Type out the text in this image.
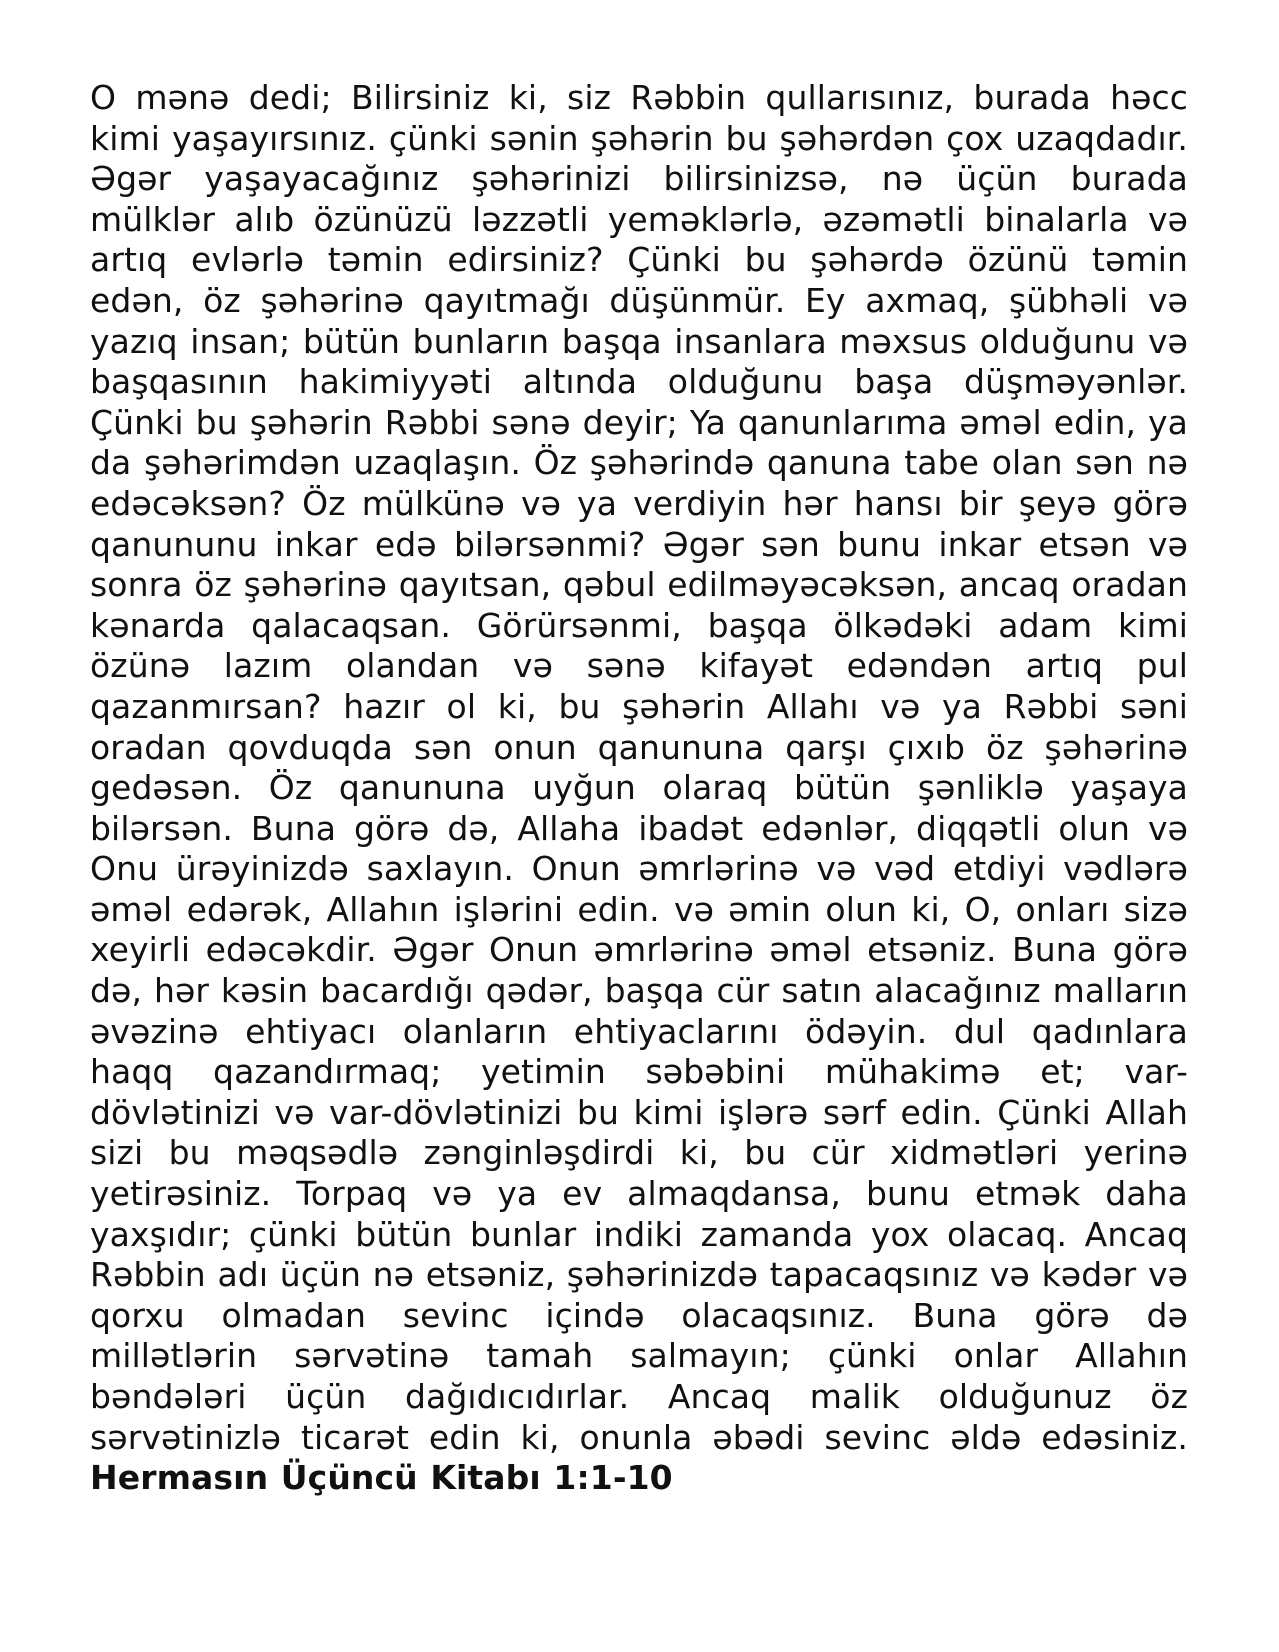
O mənə dedi; Bilirsiniz ki, siz Rəbbin qullarısınız, burada həcc kimi yaşayırsınız. çünki sənin şəhərin bu şəhərdən çox uzaqdadır. Əgər yaşayacağınız şəhərinizi bilirsinizsə, nə üçün burada mülklər alıb özünüzü ləzzətli yeməklərlə, əzəmətli binalarla və artıq evlərlə təmin edirsiniz? Çünki bu şəhərdə özünü təmin edən, öz şəhərinə qayıtmağı düşünmür. Ey axmaq, şübhəli və yazıq insan; bütün bunların başqa insanlara məxsus olduğunu və başqasının hakimiyyəti altında olduğunu başa düşməyənlər. Çünki bu şəhərin Rəbbi sənə deyir; Ya qanunlarıma əməl edin, ya da şəhərimdən uzaqlaşın. Öz şəhərində qanuna tabe olan sən nə edəcəksən? Öz mülkünə və ya verdiyin hər hansı bir şeyə görə qanununu inkar edə bilərsənmi? Əgər sən bunu inkar etsən və sonra öz şəhərinə qayıtsan, qəbul edilməyəcəksən, ancaq oradan kənarda qalacaqsan. Görürsənmi, başqa ölkədəki adam kimi özünə lazım olandan və sənə kifayət edəndən artıq pul qazanmırsan? hazır ol ki, bu şəhərin Allahı və ya Rəbbi səni oradan qovduqda sən onun qanununa qarşı çıxıb öz şəhərinə gedəsən. Öz qanununa uyğun olaraq bütün şənliklə yaşaya bilərsən. Buna görə də, Allaha ibadət edənlər, diqqətli olun və Onu ürəyinizdə saxlayın. Onun əmrlərinə və vəd etdiyi vədlərə əməl edərək, Allahın işlərini edin. və əmin olun ki, O, onları sizə xeyirli edəcəkdir. Əgər Onun əmrlərinə əməl etsəniz. Buna görə də, hər kəsin bacardığı qədər, başqa cür satın alacağınız malların əvəzinə ehtiyacı olanların ehtiyaclarını ödəyin. dul qadınlara haqq qazandırmaq; yetimin səbəbini mühakimə et; var-dövlətinizi və var-dövlətinizi bu kimi işlərə sərf edin. Çünki Allah sizi bu məqsədlə zənginləşdirdi ki, bu cür xidmətləri yerinə yetirəsiniz. Torpaq və ya ev almaqdansa, bunu etmək daha yaxşıdır; çünki bütün bunlar indiki zamanda yox olacaq. Ancaq Rəbbin adı üçün nə etsəniz, şəhərinizdə tapacaqsınız və kədər və qorxu olmadan sevinc içində olacaqsınız. Buna görə də millətlərin sərvətinə tamah salmayın; çünki onlar Allahın bəndələri üçün dağıdıcıdırlar. Ancaq malik olduğunuz öz sərvətinizlə ticarət edin ki, onunla əbədi sevinc əldə edəsiniz. Hermasın Üçüncü Kitabı 1:1-10
